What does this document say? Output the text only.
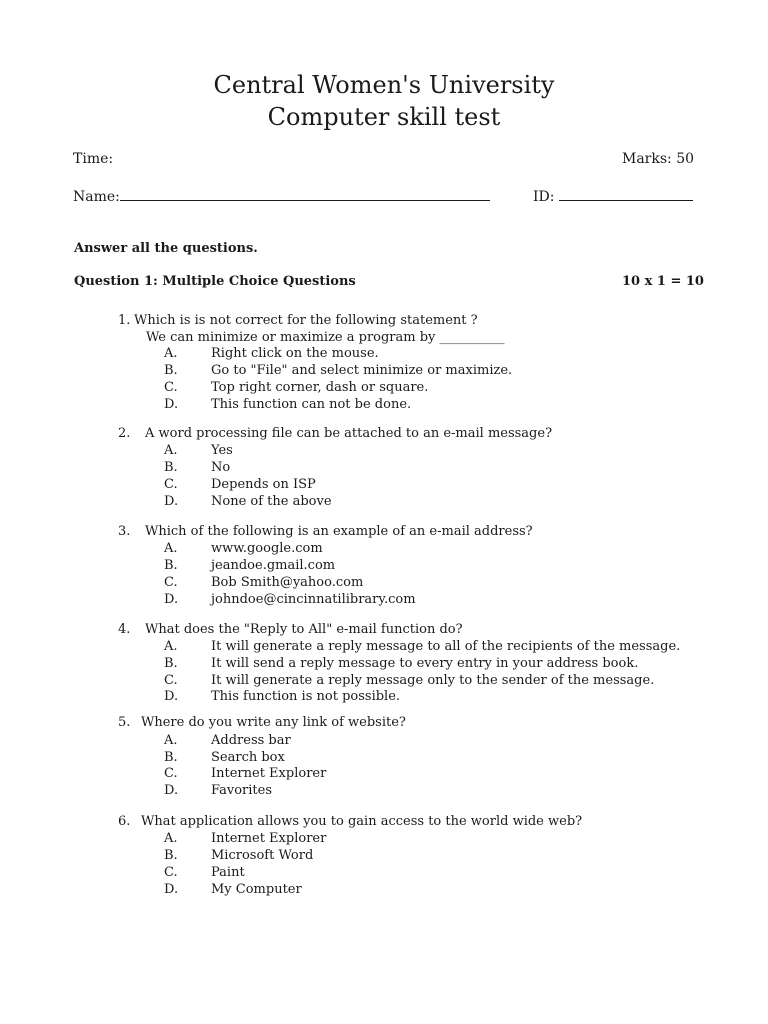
Central Women's University
Computer skill test
Time:	Marks: 50
Name:	ID:
Answer all the questions.
Question 1: Multiple Choice Questions	10 x 1 = 10
1. Which is is not correct for the following statement ?
We can minimize or maximize a program by __________
A.	Right click on the mouse.
B.	Go to "File" and select minimize or maximize.
C.	Top right corner, dash or square.
D.	This function can not be done.
2. A word processing file can be attached to an e-mail message?
A.	Yes
B.	No
C.	Depends on ISP
D.	None of the above
3. Which of the following is an example of an e-mail address?
A.	www.google.com
B.	jeandoe.gmail.com
C.	Bob Smith@yahoo.com
D.	johndoe@cincinnatilibrary.com
4. What does the "Reply to All" e-mail function do?
A.	It will generate a reply message to all of the recipients of the message.
B.	It will send a reply message to every entry in your address book.
C.	It will generate a reply message only to the sender of the message.
D.	This function is not possible.
5. Where do you write any link of website?
A.	Address bar
B.	Search box
C.	Internet Explorer
D.	Favorites
6. What application allows you to gain access to the world wide web?
A.	Internet Explorer
B.	Microsoft Word
C.	Paint
D.	My Computer
